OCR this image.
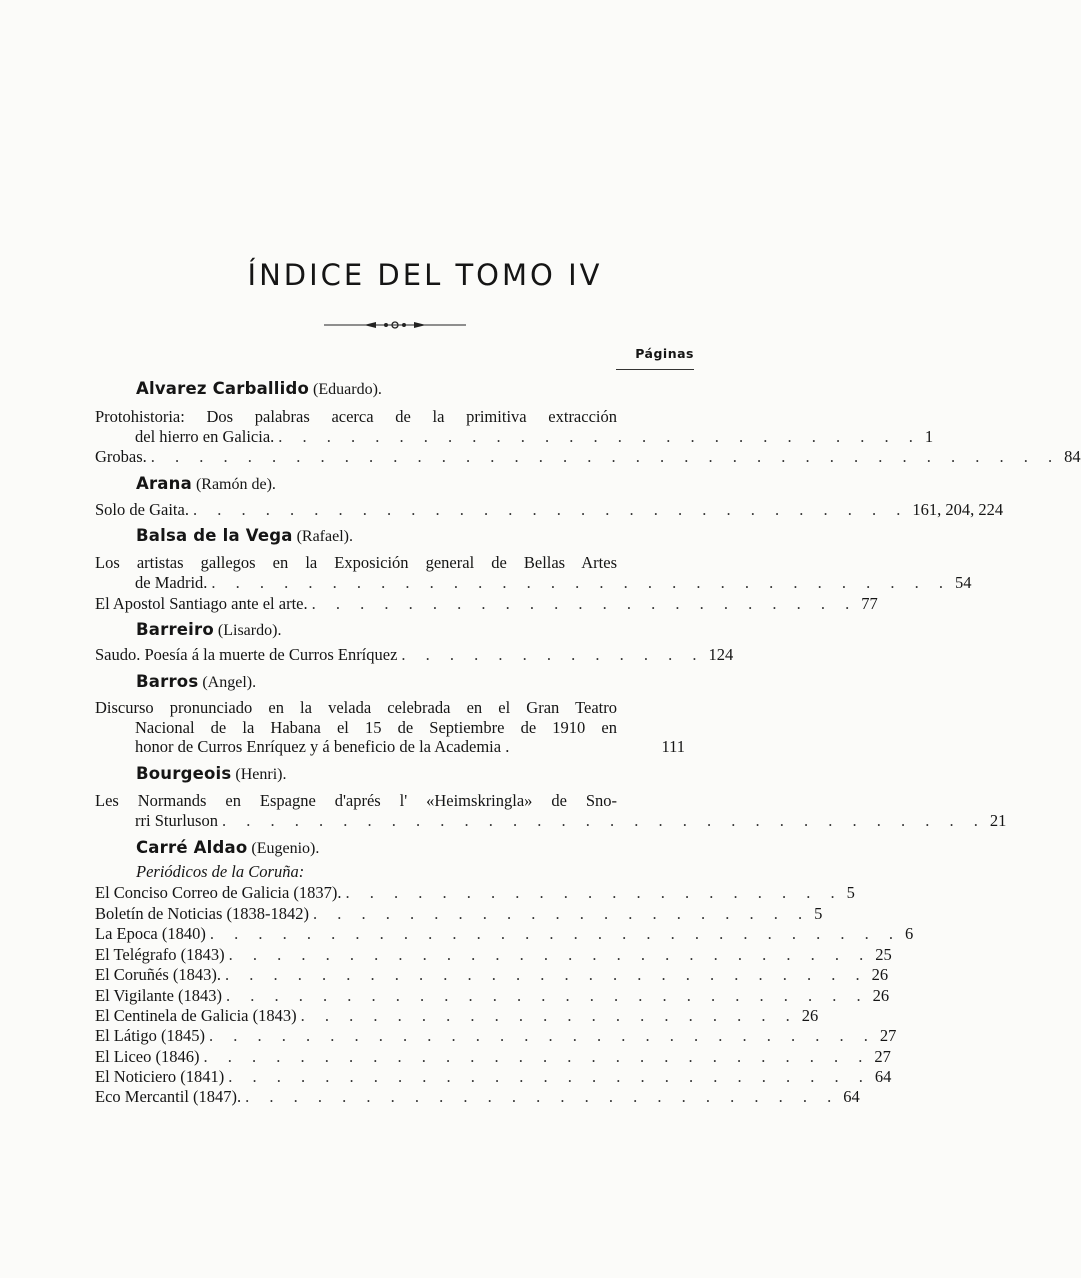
ÍNDICE DEL TOMO IV
Páginas
Alvarez Carballido (Eduardo).
Protohistoria: Dos palabras acerca de la primitiva extracción
del hierro en Galicia. . . . . . . . . . . . . . . . . . . . . . . . . . . . 1
Grobas. . . . . . . . . . . . . . . . . . . . . . . . . . . . . . . . . . . . . . . 84
Arana (Ramón de).
Solo de Gaita. . . . . . . . . . . . . . . . . . . . . . . . . . . . . . . 161, 204, 224
Balsa de la Vega (Rafael).
Los artistas gallegos en la Exposición general de Bellas Artes
de Madrid. . . . . . . . . . . . . . . . . . . . . . . . . . . . . . . . 54
El Apostol Santiago ante el arte. . . . . . . . . . . . . . . . . . . . . . . . 77
Barreiro (Lisardo).
Saudo. Poesía á la muerte de Curros Enríquez . . . . . . . . . . . . . 124
Barros (Angel).
Discurso pronunciado en la velada celebrada en el Gran Teatro
Nacional de la Habana el 15 de Septiembre de 1910 en
honor de Curros Enríquez y á beneficio de la Academia .	111
Bourgeois (Henri).
Les Normands en Espagne d'aprés l' «Heimskringla» de Sno-
rri Sturluson . . . . . . . . . . . . . . . . . . . . . . . . . . . . . . . . 21
Carré Aldao (Eugenio).
Periódicos de la Coruña:
El Conciso Correo de Galicia (1837). . . . . . . . . . . . . . . . . . . . . . 5
Boletín de Noticias (1838-1842) . . . . . . . . . . . . . . . . . . . . . 5
La Epoca (1840) . . . . . . . . . . . . . . . . . . . . . . . . . . . . . 6
El Telégrafo (1843) . . . . . . . . . . . . . . . . . . . . . . . . . . . 25
El Coruñés (1843). . . . . . . . . . . . . . . . . . . . . . . . . . . . 26
El Vigilante (1843) . . . . . . . . . . . . . . . . . . . . . . . . . . . 26
El Centinela de Galicia (1843) . . . . . . . . . . . . . . . . . . . . . 26
El Látigo (1845) . . . . . . . . . . . . . . . . . . . . . . . . . . . . 27
El Liceo (1846) . . . . . . . . . . . . . . . . . . . . . . . . . . . . 27
El Noticiero (1841) . . . . . . . . . . . . . . . . . . . . . . . . . . . 64
Eco Mercantil (1847). . . . . . . . . . . . . . . . . . . . . . . . . . 64
